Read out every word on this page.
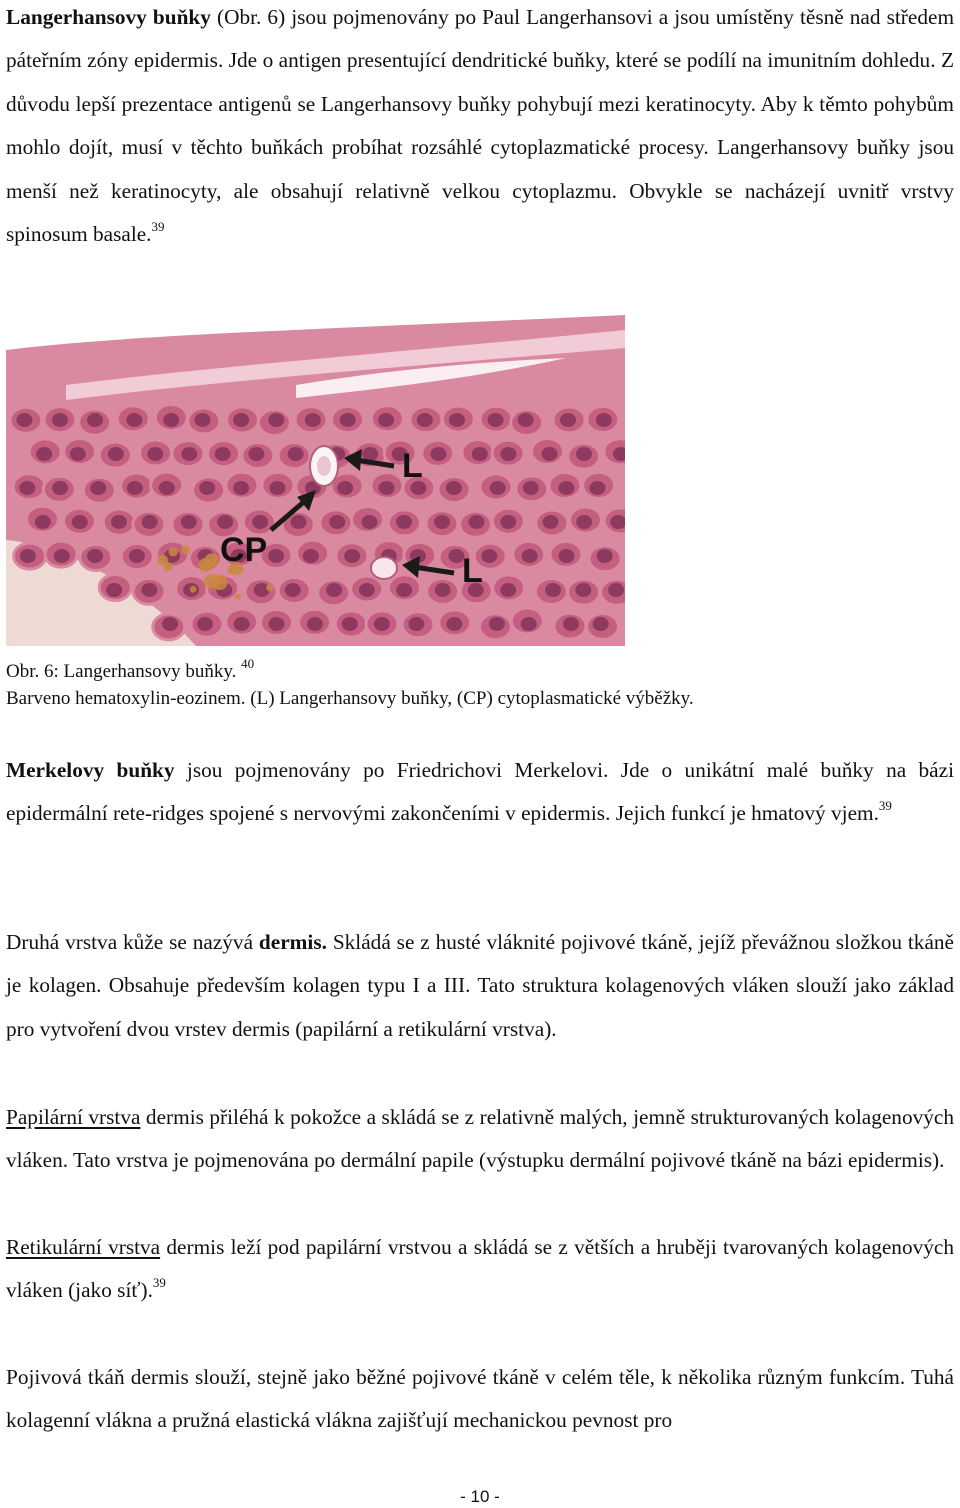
Langerhansovy buňky (Obr. 6) jsou pojmenovány po Paul Langerhansovi a jsou umístěny těsně nad středem páteřním zóny epidermis. Jde o antigen presentující dendritické buňky, které se podílí na imunitním dohledu. Z důvodu lepší prezentace antigenů se Langerhansovy buňky pohybují mezi keratinocyty. Aby k těmto pohybům mohlo dojít, musí v těchto buňkách probíhat rozsáhlé cytoplazmatické procesy. Langerhansovy buňky jsou menší než keratinocyty, ale obsahují relativně velkou cytoplazmu. Obvykle se nacházejí uvnitř vrstvy spinosum basale.$^{39}$

L
CP
L
Obr. 6: Langerhansovy buňky. $^{40}$
Barveno hematoxylin-eozinem. (L) Langerhansovy buňky, (CP) cytoplasmatické výběžky.

Merkelovy buňky jsou pojmenovány po Friedrichovi Merkelovi. Jde o unikátní malé buňky na bázi epidermální rete-ridges spojené s nervovými zakončeními v epidermis. Jejich funkcí je hmatový vjem.$^{39}$

Druhá vrstva kůže se nazývá dermis. Skládá se z husté vláknité pojivové tkáně, jejíž převážnou složkou tkáně je kolagen. Obsahuje především kolagen typu I a III. Tato struktura kolagenových vláken slouží jako základ pro vytvoření dvou vrstev dermis (papilární a retikulární vrstva).

Papilární vrstva dermis přiléhá k pokožce a skládá se z relativně malých, jemně strukturovaných kolagenových vláken. Tato vrstva je pojmenována po dermální papile (výstupku dermální pojivové tkáně na bázi epidermis).

Retikulární vrstva dermis leží pod papilární vrstvou a skládá se z větších a hruběji tvarovaných kolagenových vláken (jako síť).$^{39}$

Pojivová tkáň dermis slouží, stejně jako běžné pojivové tkáně v celém těle, k několika různým funkcím. Tuhá kolagenní vlákna a pružná elastická vlákna zajišťují mechanickou pevnost pro

- 10 -
